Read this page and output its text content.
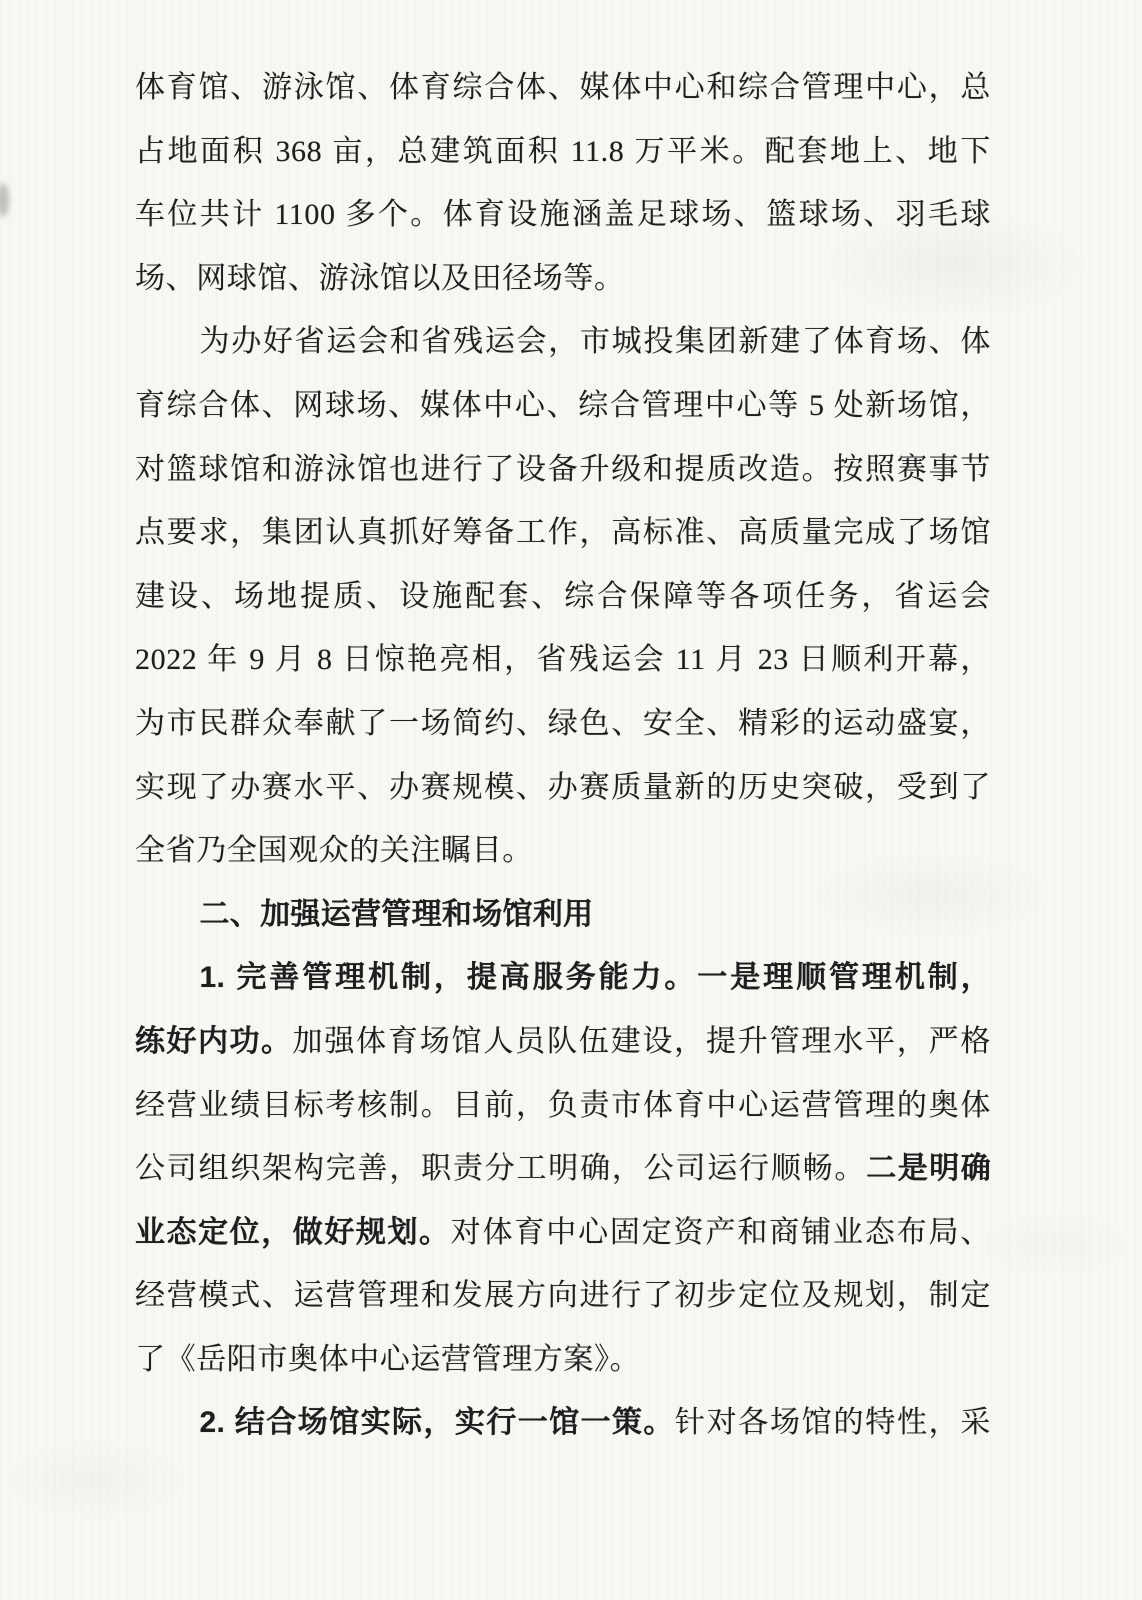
体育馆、游泳馆、体育综合体、媒体中心和综合管理中心，总
占地面积 368 亩，总建筑面积 11.8 万平米。配套地上、地下
车位共计 1100 多个。体育设施涵盖足球场、篮球场、羽毛球
场、网球馆、游泳馆以及田径场等。
为办好省运会和省残运会，市城投集团新建了体育场、体
育综合体、网球场、媒体中心、综合管理中心等 5 处新场馆，
对篮球馆和游泳馆也进行了设备升级和提质改造。按照赛事节
点要求，集团认真抓好筹备工作，高标准、高质量完成了场馆
建设、场地提质、设施配套、综合保障等各项任务，省运会
2022 年 9 月 8 日惊艳亮相，省残运会 11 月 23 日顺利开幕，
为市民群众奉献了一场简约、绿色、安全、精彩的运动盛宴，
实现了办赛水平、办赛规模、办赛质量新的历史突破，受到了
全省乃全国观众的关注瞩目。
二、加强运营管理和场馆利用
1. 完善管理机制，提高服务能力。一是理顺管理机制，
练好内功。加强体育场馆人员队伍建设，提升管理水平，严格
经营业绩目标考核制。目前，负责市体育中心运营管理的奥体
公司组织架构完善，职责分工明确，公司运行顺畅。二是明确
业态定位，做好规划。对体育中心固定资产和商铺业态布局、
经营模式、运营管理和发展方向进行了初步定位及规划，制定
了《岳阳市奥体中心运营管理方案》。
2. 结合场馆实际，实行一馆一策。针对各场馆的特性，采
